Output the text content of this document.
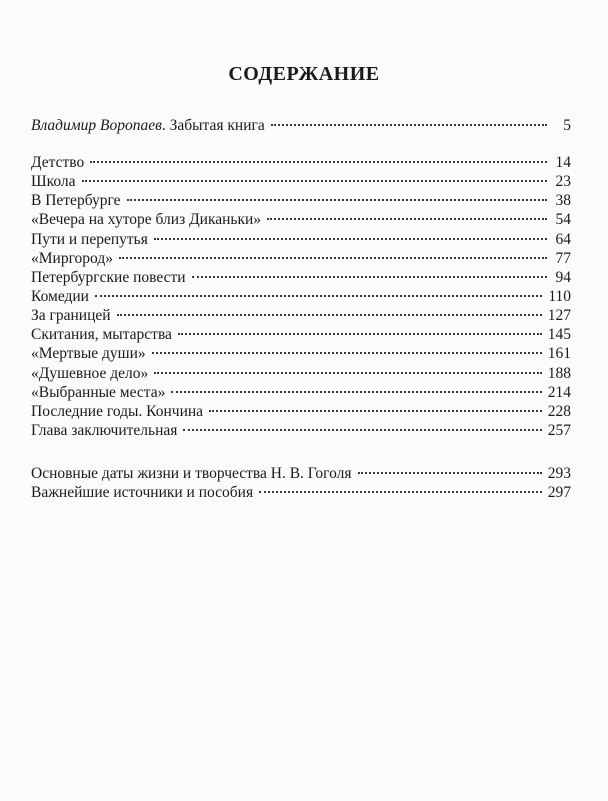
СОДЕРЖАНИЕ
Владимир Воропаев. Забытая книга	5
Детство	14
Школа	23
В Петербурге	38
«Вечера на хуторе близ Диканьки»	54
Пути и перепутья	64
«Миргород»	77
Петербургские повести	94
Комедии	110
За границей	127
Скитания, мытарства	145
«Мертвые души»	161
«Душевное дело»	188
«Выбранные места»	214
Последние годы. Кончина	228
Глава заключительная	257
Основные даты жизни и творчества Н. В. Гоголя	293
Важнейшие источники и пособия	297
